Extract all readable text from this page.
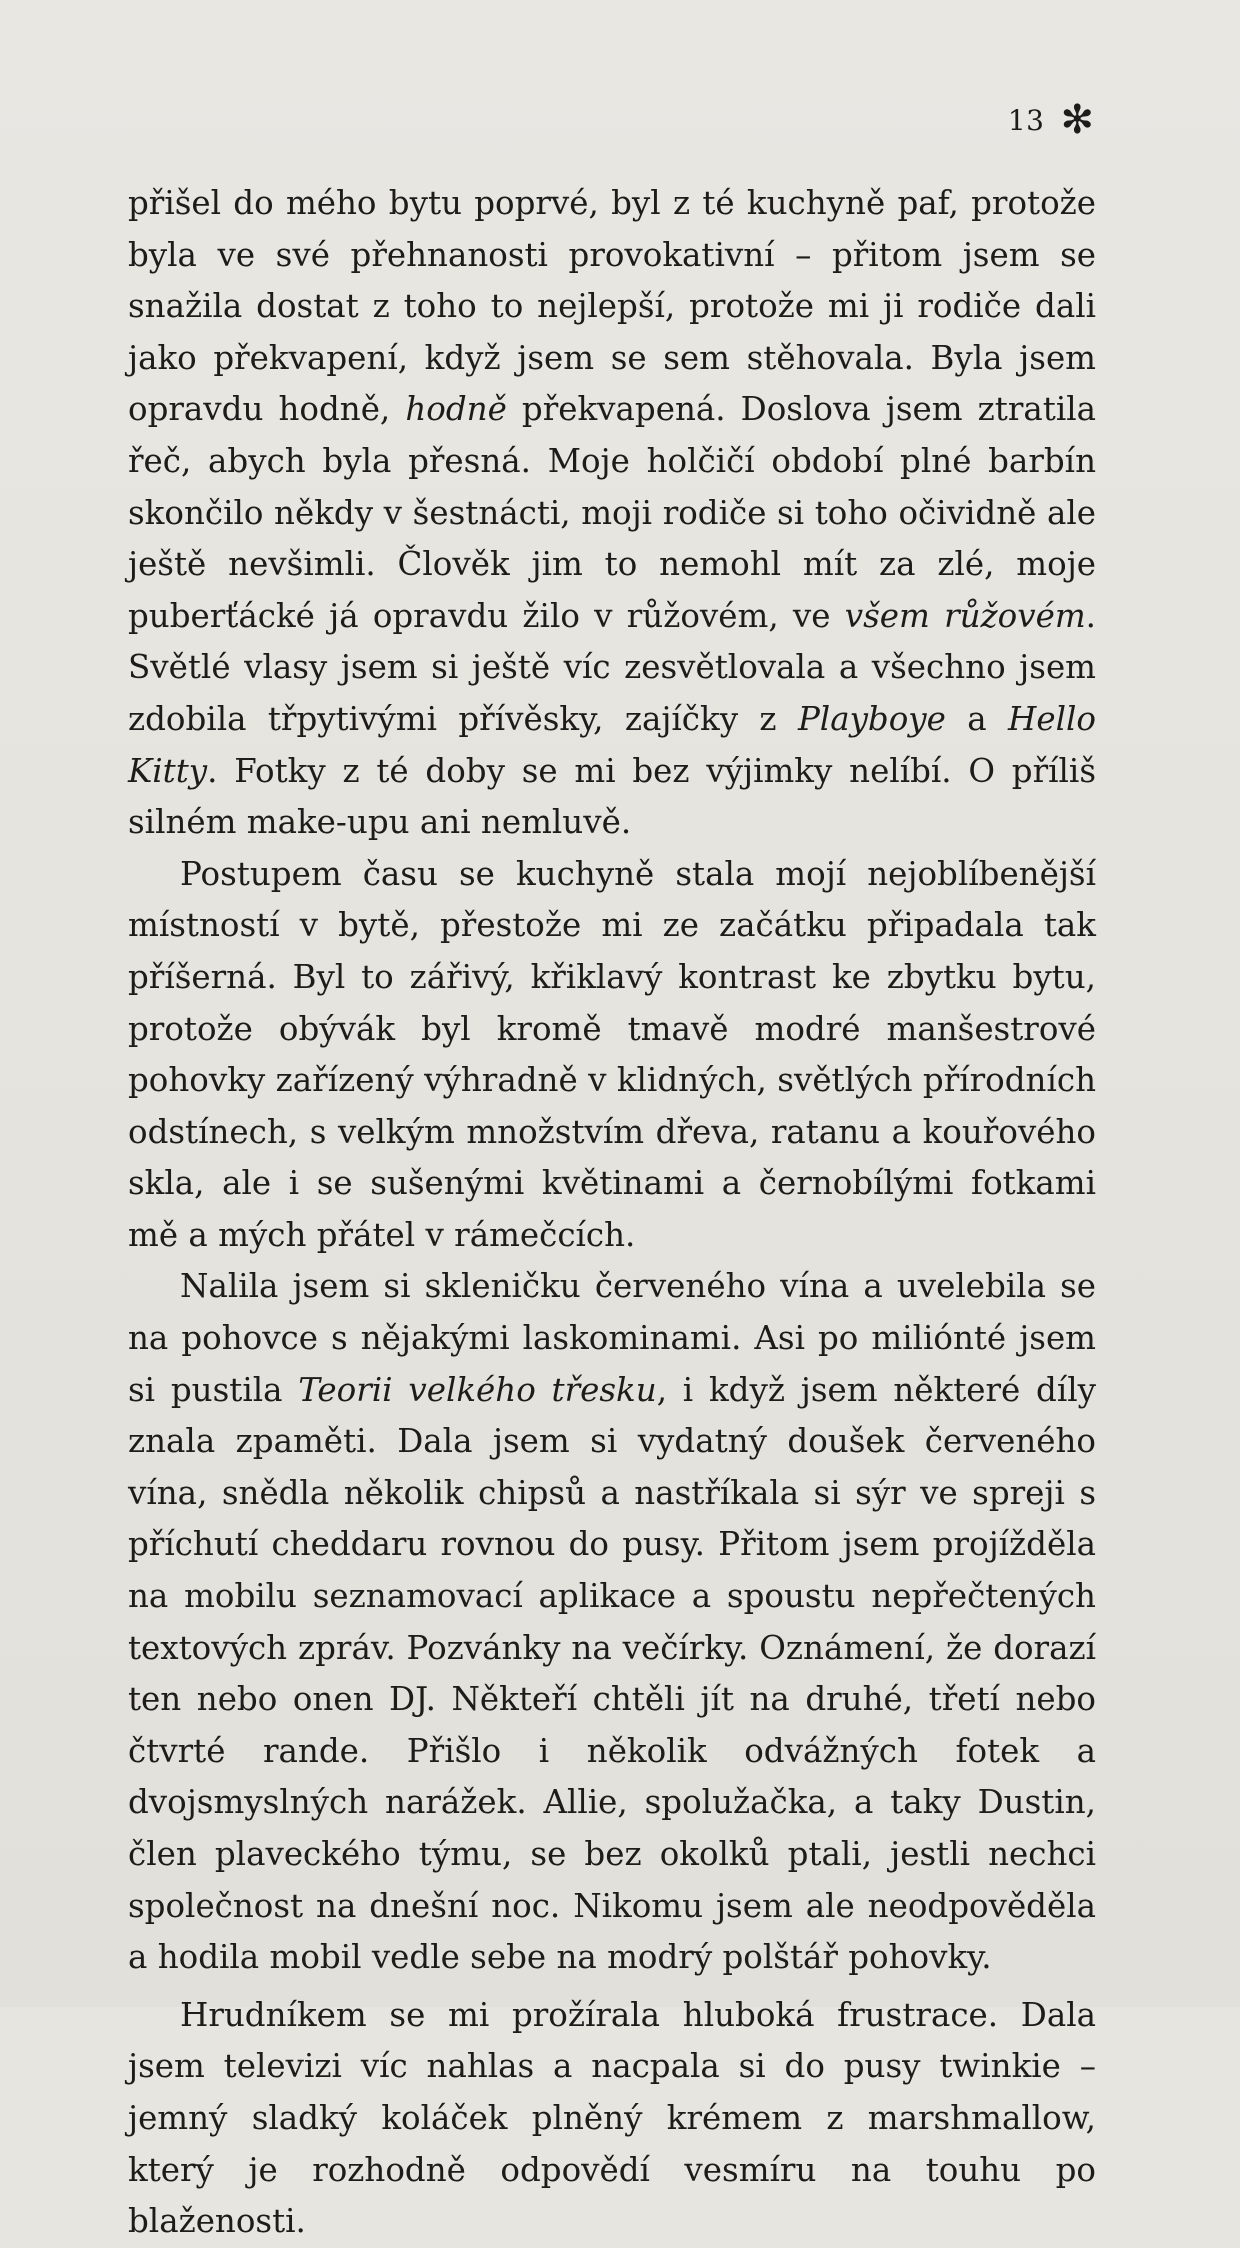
13 ✻

přišel do mého bytu poprvé, byl z té kuchyně paf, protože byla ve své přehnanosti provokativní – přitom jsem se snažila dostat z toho to nejlepší, protože mi ji rodiče dali jako překvapení, když jsem se sem stěhovala. Byla jsem opravdu hodně, hodně překvapená. Doslova jsem ztratila řeč, abych byla přesná. Moje holčičí období plné barbín skončilo někdy v šestnácti, moji rodiče si toho očividně ale ještě nevšimli. Člověk jim to nemohl mít za zlé, moje puberťácké já opravdu žilo v růžovém, ve všem růžovém. Světlé vlasy jsem si ještě víc zesvětlovala a všechno jsem zdobila třpytivými přívěsky, zajíčky z Playboye a Hello Kitty. Fotky z té doby se mi bez výjimky nelíbí. O příliš silném make-upu ani nemluvě.

Postupem času se kuchyně stala mojí nejoblíbenější místností v bytě, přestože mi ze začátku připadala tak příšerná. Byl to zářivý, křiklavý kontrast ke zbytku bytu, protože obývák byl kromě tmavě modré manšestrové pohovky zařízený výhradně v klidných, světlých přírodních odstínech, s velkým množstvím dřeva, ratanu a kouřového skla, ale i se sušenými květinami a černobílými fotkami mě a mých přátel v rámečcích.

Nalila jsem si skleničku červeného vína a uvelebila se na pohovce s nějakými laskominami. Asi po miliónté jsem si pustila Teorii velkého třesku, i když jsem některé díly znala zpaměti. Dala jsem si vydatný doušek červeného vína, snědla několik chipsů a nastříkala si sýr ve spreji s příchutí cheddaru rovnou do pusy. Přitom jsem projížděla na mobilu seznamovací aplikace a spoustu nepřečtených textových zpráv. Pozvánky na večírky. Oznámení, že dorazí ten nebo onen DJ. Někteří chtěli jít na druhé, třetí nebo čtvrté rande. Přišlo i několik odvážných fotek a dvojsmyslných narážek. Allie, spolužačka, a taky Dustin, člen plaveckého týmu, se bez okolků ptali, jestli nechci společnost na dnešní noc. Nikomu jsem ale neodpověděla a hodila mobil vedle sebe na modrý polštář pohovky.

Hrudníkem se mi prožírala hluboká frustrace. Dala jsem televizi víc nahlas a nacpala si do pusy twinkie – jemný sladký koláček plněný krémem z marshmallow, který je rozhodně odpovědí vesmíru na touhu po blaženosti.
